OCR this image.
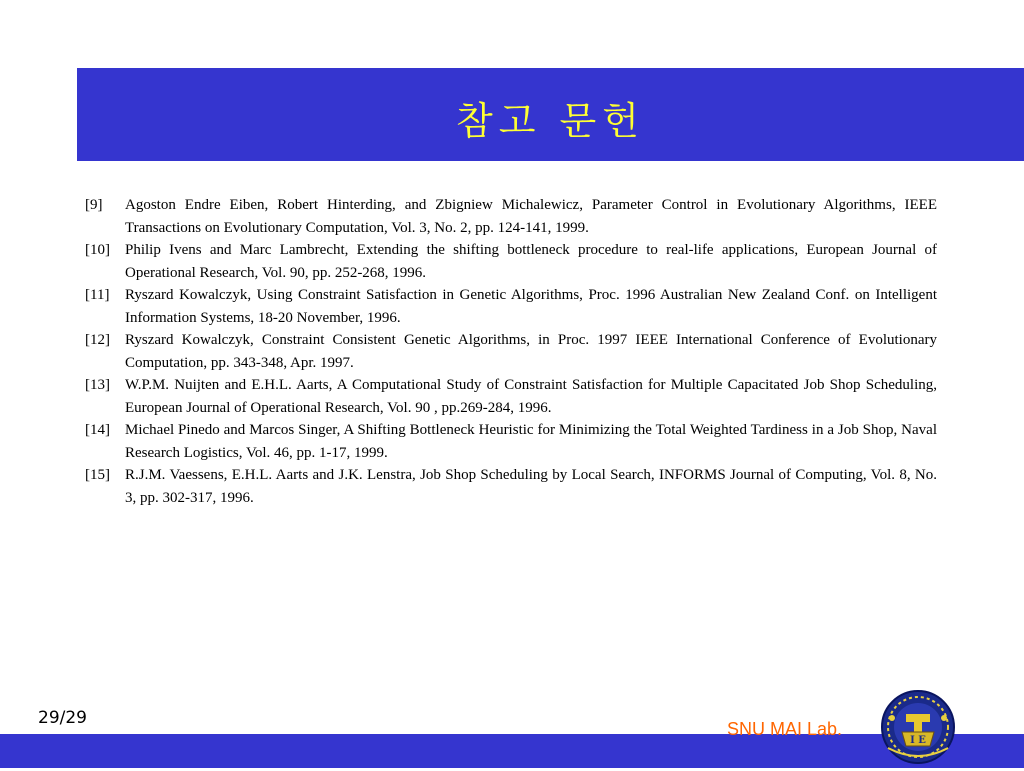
참고 문헌
[9] Agoston Endre Eiben, Robert Hinterding, and Zbigniew Michalewicz, Parameter Control in Evolutionary Algorithms, IEEE Transactions on Evolutionary Computation, Vol. 3, No. 2, pp. 124-141, 1999.
[10] Philip Ivens and Marc Lambrecht, Extending the shifting bottleneck procedure to real-life applications, European Journal of Operational Research, Vol. 90, pp. 252-268, 1996.
[11] Ryszard Kowalczyk, Using Constraint Satisfaction in Genetic Algorithms, Proc. 1996 Australian New Zealand Conf. on Intelligent Information Systems, 18-20 November, 1996.
[12] Ryszard Kowalczyk, Constraint Consistent Genetic Algorithms, in Proc. 1997 IEEE International Conference of Evolutionary Computation, pp. 343-348, Apr. 1997.
[13] W.P.M. Nuijten and E.H.L. Aarts, A Computational Study of Constraint Satisfaction for Multiple Capacitated Job Shop Scheduling, European Journal of Operational Research, Vol. 90 , pp.269-284, 1996.
[14] Michael Pinedo and Marcos Singer, A Shifting Bottleneck Heuristic for Minimizing the Total Weighted Tardiness in a Job Shop, Naval Research Logistics, Vol. 46, pp. 1-17, 1999.
[15] R.J.M. Vaessens, E.H.L. Aarts and J.K. Lenstra, Job Shop Scheduling by Local Search, INFORMS Journal of Computing, Vol. 8, No. 3, pp. 302-317, 1996.
29/29
SNU MAI Lab.
I E
